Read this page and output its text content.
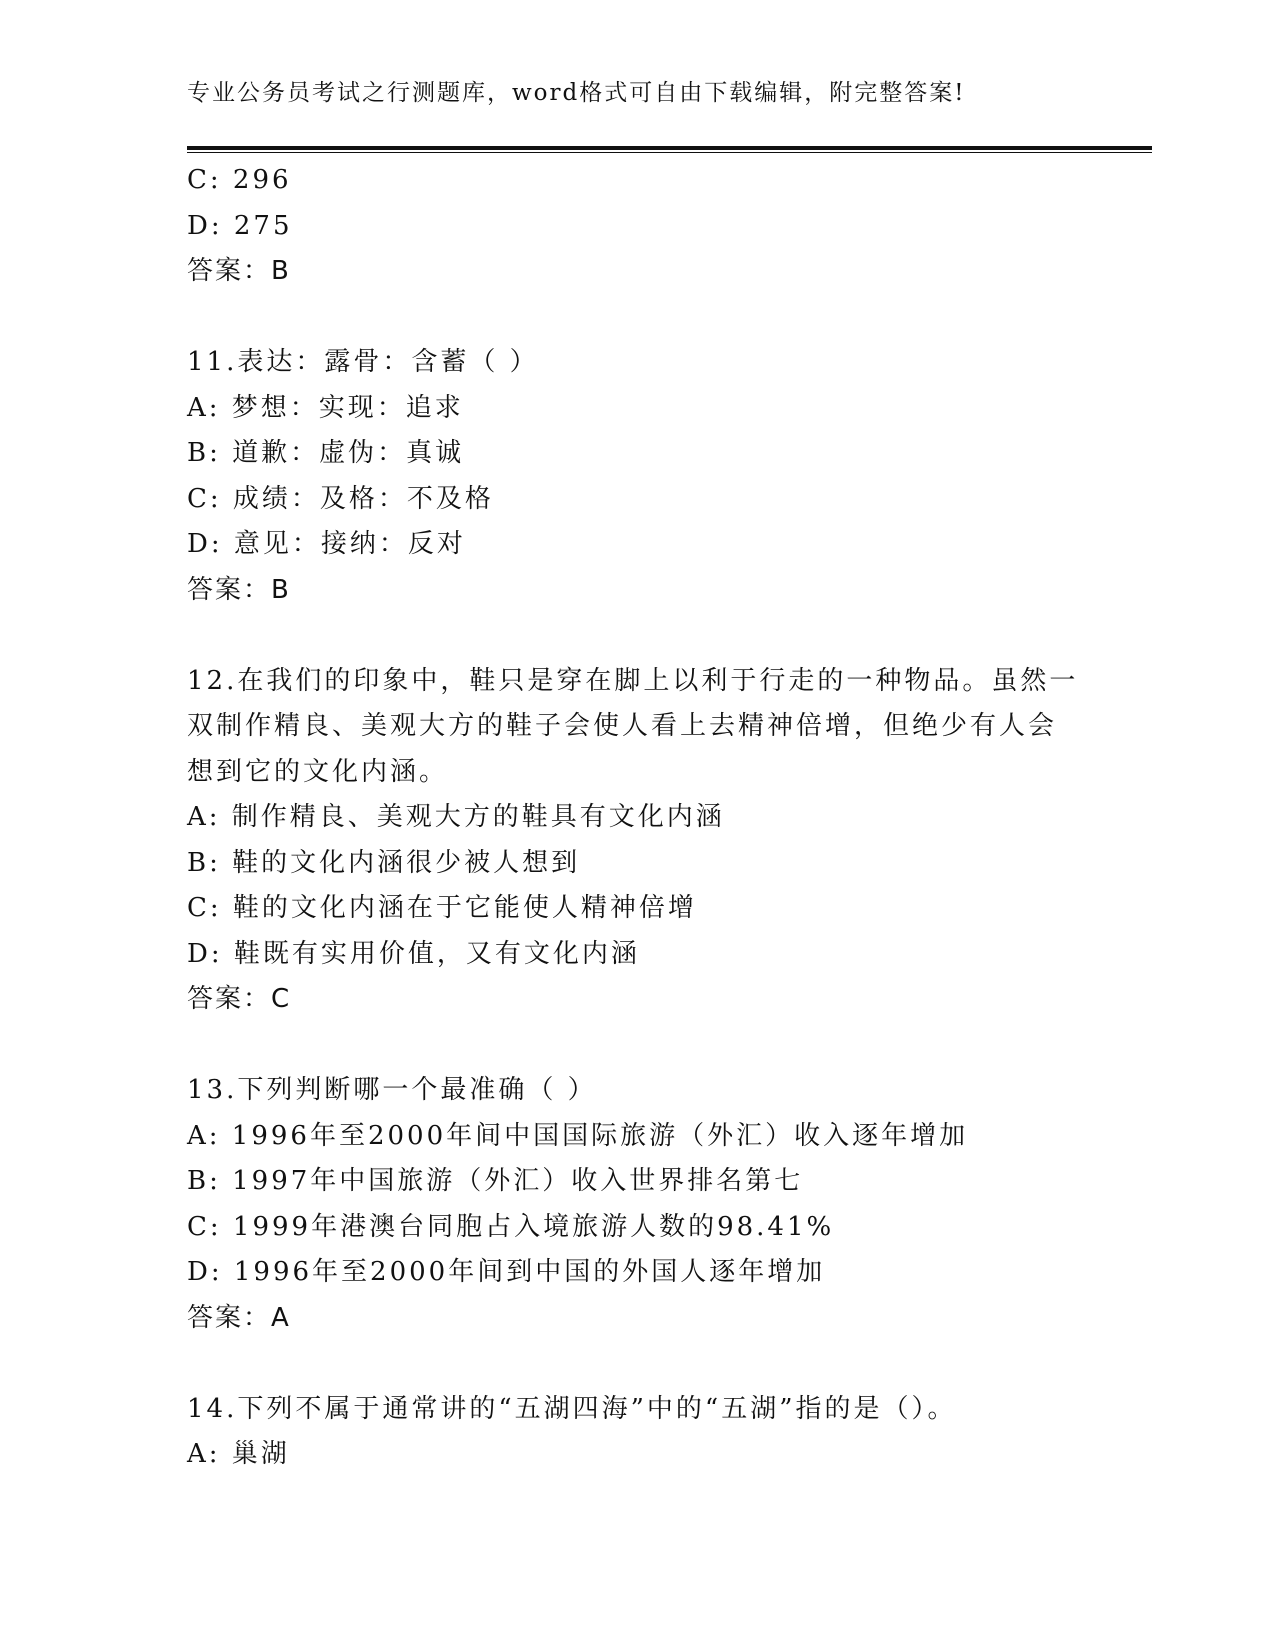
专业公务员考试之行测题库，word格式可自由下载编辑，附完整答案!
C: 296
D: 275
答案：B
11.表达：露骨：含蓄（ ）
A: 梦想：实现：追求
B: 道歉：虚伪：真诚
C: 成绩：及格：不及格
D: 意见：接纳：反对
答案：B
12.在我们的印象中，鞋只是穿在脚上以利于行走的一种物品。虽然一
双制作精良、美观大方的鞋子会使人看上去精神倍增，但绝少有人会
想到它的文化内涵。
A: 制作精良、美观大方的鞋具有文化内涵
B: 鞋的文化内涵很少被人想到
C: 鞋的文化内涵在于它能使人精神倍增
D: 鞋既有实用价值，又有文化内涵
答案：C
13.下列判断哪一个最准确（ ）
A: 1996年至2000年间中国国际旅游（外汇）收入逐年增加
B: 1997年中国旅游（外汇）收入世界排名第七
C: 1999年港澳台同胞占入境旅游人数的98.41%
D: 1996年至2000年间到中国的外国人逐年增加
答案：A
14.下列不属于通常讲的“五湖四海”中的“五湖”指的是（）。
A: 巢湖
